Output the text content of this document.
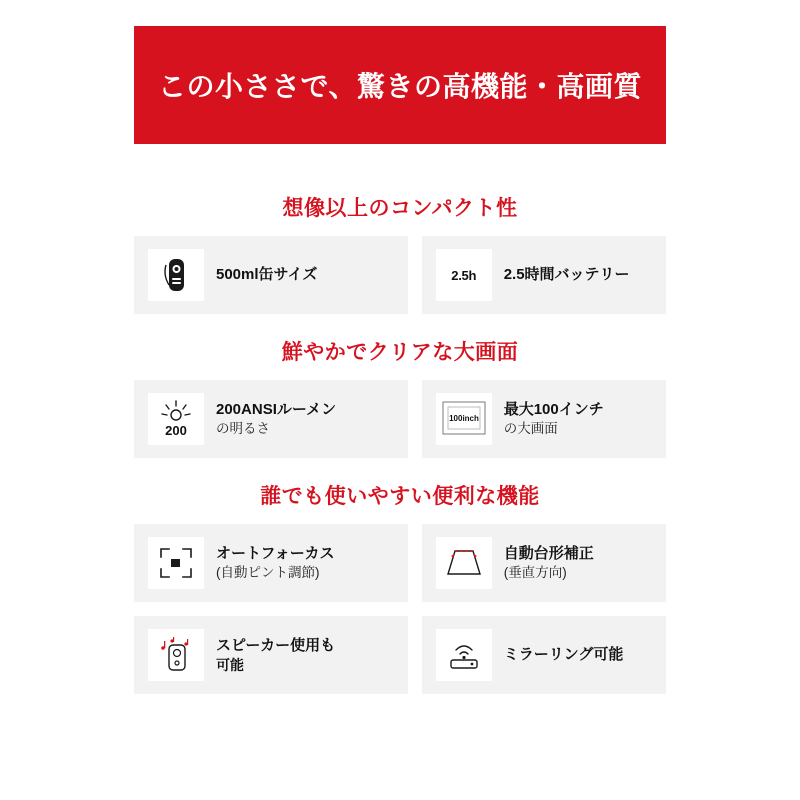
この小ささで、驚きの高機能・高画質
想像以上のコンパクト性
500ml缶サイズ	2.5h 2.5時間バッテリー
鮮やかでクリアな大画面
200
200ANSIルーメン
の明るさ
100inch
最大100インチ
の大画面
誰でも使いやすい便利な機能
オートフォーカス
(自動ピント調節)
自動台形補正
(垂直方向)
スピーカー使用も
可能
ミラーリング可能
